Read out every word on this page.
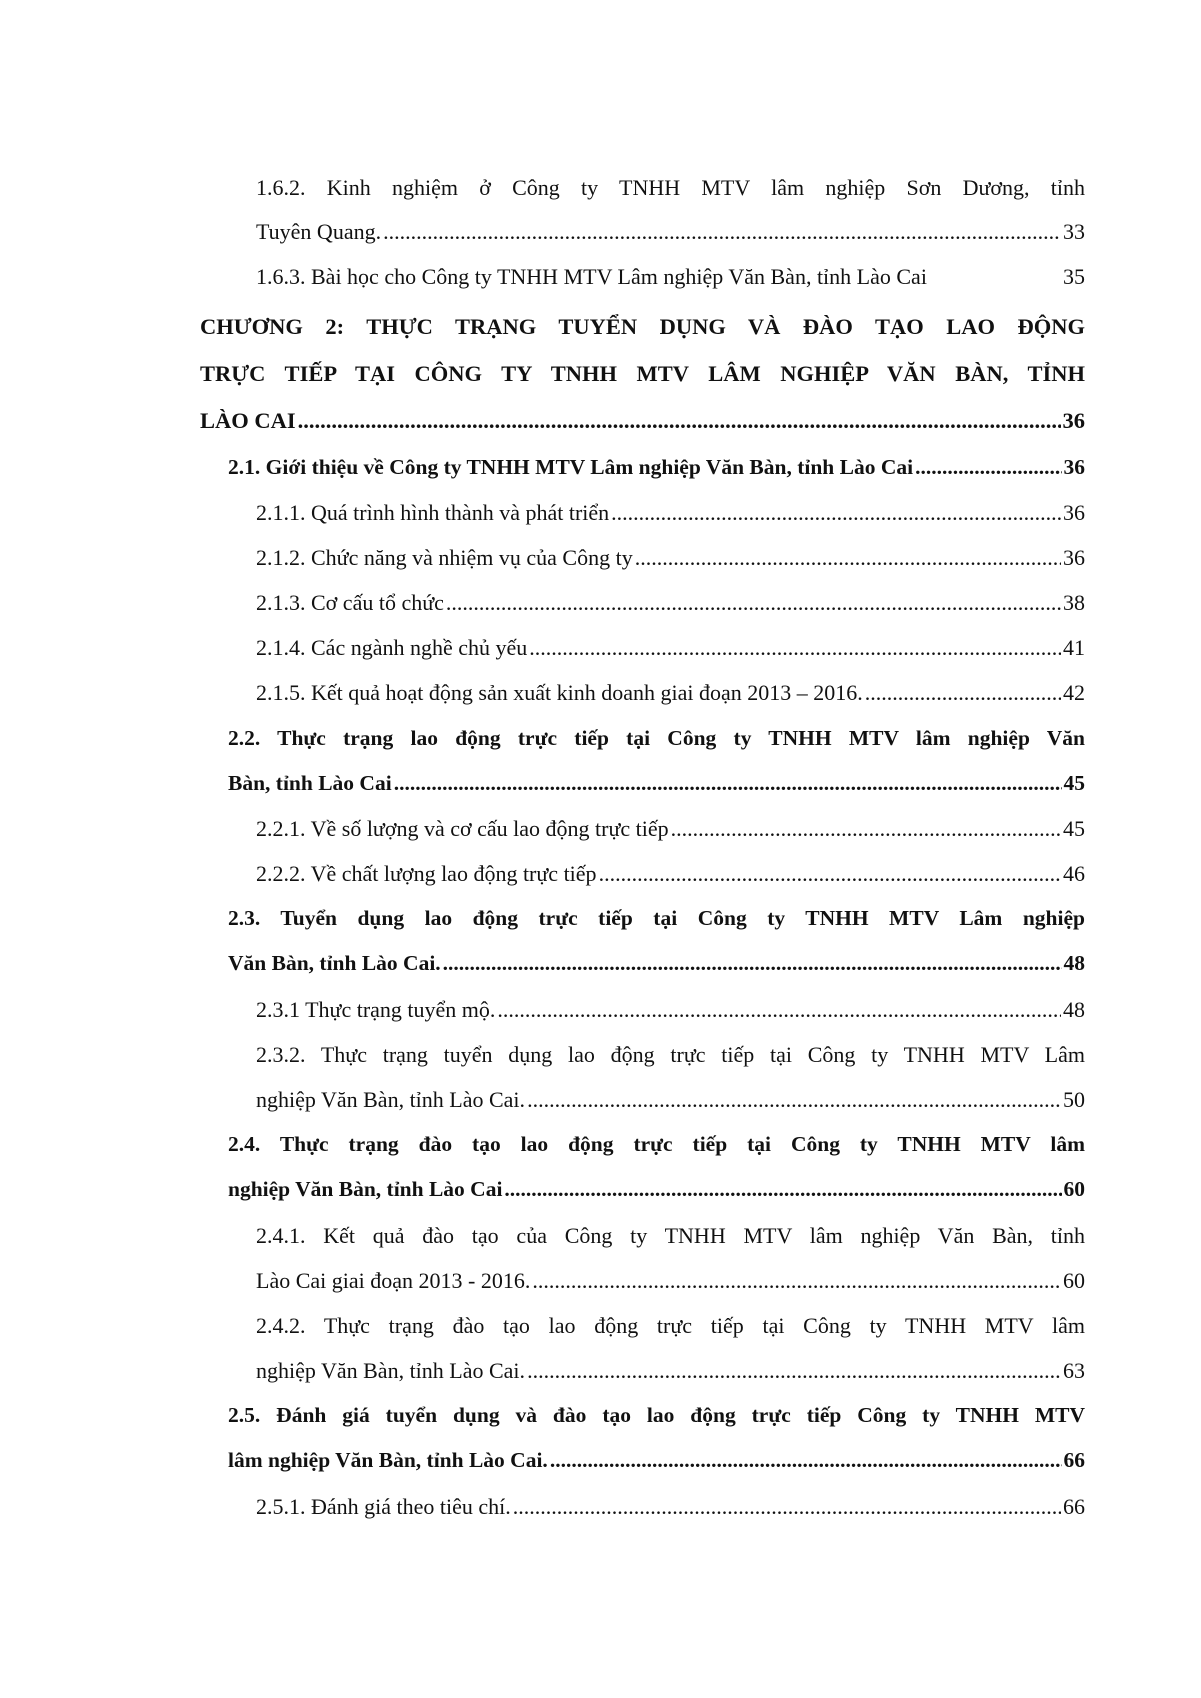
1.6.2. Kinh nghiệm ở Công ty TNHH MTV lâm nghiệp Sơn Dương, tỉnh
Tuyên Quang. .....	33
1.6.3. Bài học cho Công ty TNHH MTV Lâm nghiệp Văn Bàn, tỉnh Lào Cai	35
CHƯƠNG 2: THỰC TRẠNG TUYỂN DỤNG VÀ ĐÀO TẠO LAO ĐỘNG
TRỰC TIẾP TẠI CÔNG TY TNHH MTV LÂM NGHIỆP VĂN BÀN, TỈNH
LÀO CAI .....	36
2.1. Giới thiệu về Công ty TNHH MTV Lâm nghiệp Văn Bàn, tỉnh Lào Cai .....	36
2.1.1. Quá trình hình thành và phát triển .....	36
2.1.2. Chức năng và nhiệm vụ của Công ty .....	36
2.1.3. Cơ cấu tổ chức .....	38
2.1.4. Các ngành nghề chủ yếu .....	41
2.1.5. Kết quả hoạt động sản xuất kinh doanh giai đoạn 2013 – 2016. .....	42
2.2. Thực trạng lao động trực tiếp tại Công ty TNHH MTV lâm nghiệp Văn
Bàn, tỉnh Lào Cai .....	45
2.2.1. Về số lượng và cơ cấu lao động trực tiếp .....	45
2.2.2. Về chất lượng lao động trực tiếp .....	46
2.3. Tuyển dụng lao động trực tiếp tại Công ty TNHH MTV Lâm nghiệp
Văn Bàn, tỉnh Lào Cai. .....	48
2.3.1 Thực trạng tuyển mộ. .....	48
2.3.2. Thực trạng tuyển dụng lao động trực tiếp tại Công ty TNHH MTV Lâm
nghiệp Văn Bàn, tỉnh Lào Cai. .....	50
2.4. Thực trạng đào tạo lao động trực tiếp tại Công ty TNHH MTV lâm
nghiệp Văn Bàn, tỉnh Lào Cai .....	60
2.4.1. Kết quả đào tạo của Công ty TNHH MTV lâm nghiệp Văn Bàn, tỉnh
Lào Cai giai đoạn 2013 - 2016. .....	60
2.4.2. Thực trạng đào tạo lao động trực tiếp tại Công ty TNHH MTV lâm
nghiệp Văn Bàn, tỉnh Lào Cai. .....	63
2.5. Đánh giá tuyển dụng và đào tạo lao động trực tiếp Công ty TNHH MTV
lâm nghiệp Văn Bàn, tỉnh Lào Cai. .....	66
2.5.1. Đánh giá theo tiêu chí. .....	66
